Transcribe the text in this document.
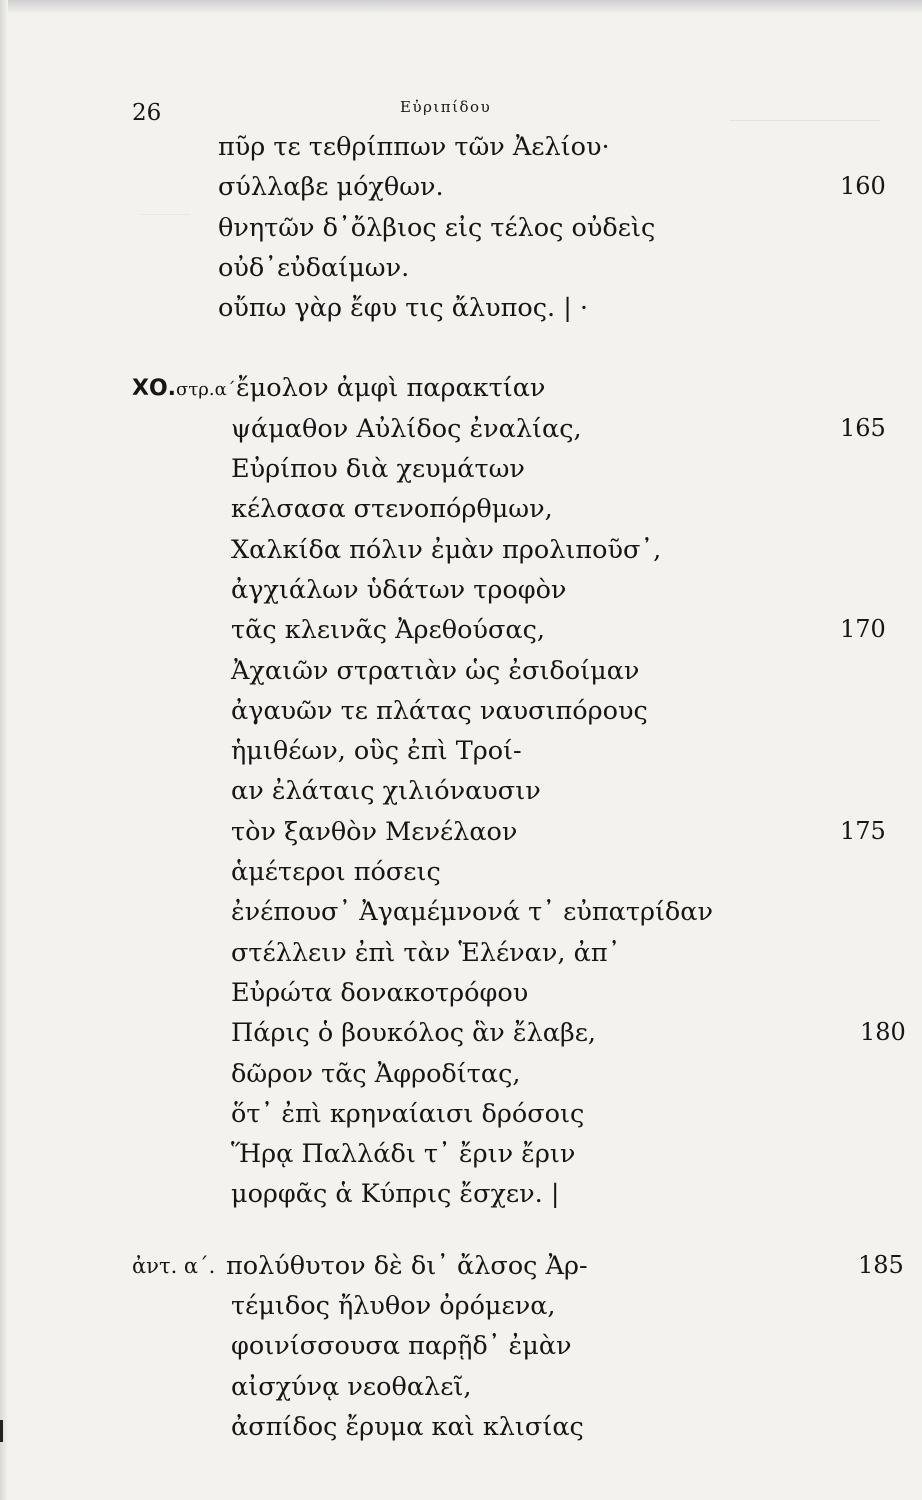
26	Εὐριπίδου
πῦρ τε τεθρίππων τῶν Ἀελίου·
σύλλαβε μόχθων.	160
θνητῶν δ᾽ὄλβιος εἰς τέλος οὐδεὶς
οὐδ᾽εὐδαίμων.
οὔπω γὰρ ἔφυ τις ἄλυπος. | ·
ΧΟ.στρ.α΄ ἔμολον ἀμφὶ παρακτίαν
ψάμαθον Αὐλίδος ἐναλίας,	165
Εὐρίπου διὰ χευμάτων
κέλσασα στενοπόρθμων,
Χαλκίδα πόλιν ἐμὰν προλιποῦσ᾽,
ἀγχιάλων ὑδάτων τροφὸν
τᾶς κλεινᾶς Ἀρεθούσας,	170
Ἀχαιῶν στρατιὰν ὡς ἐσιδοίμαν
ἀγαυῶν τε πλάτας ναυσιπόρους
ἡμιθέων, οὓς ἐπὶ Τροί-
αν ἐλάταις χιλιόναυσιν
τὸν ξανθὸν Μενέλαον	175
ἁμέτεροι πόσεις
ἐνέπουσ᾽ Ἀγαμέμνονά τ᾽ εὐπατρίδαν
στέλλειν ἐπὶ τὰν Ἑλέναν, ἀπ᾽
Εὐρώτα δονακοτρόφου
Πάρις ὁ βουκόλος ἃν ἔλαβε,	180
δῶρον τᾶς Ἀφροδίτας,
ὅτ᾽ ἐπὶ κρηναίαισι δρόσοις
Ἥρᾳ Παλλάδι τ᾽ ἔριν ἔριν
μορφᾶς ἁ Κύπρις ἔσχεν. |
ἀντ. α΄. πολύθυτον δὲ δι᾽ ἄλσος Ἀρ-	185
τέμιδος ἤλυθον ὀρόμενα,
φοινίσσουσα παρῇδ᾽ ἐμὰν
αἰσχύνᾳ νεοθαλεῖ,
ἀσπίδος ἔρυμα καὶ κλισίας
